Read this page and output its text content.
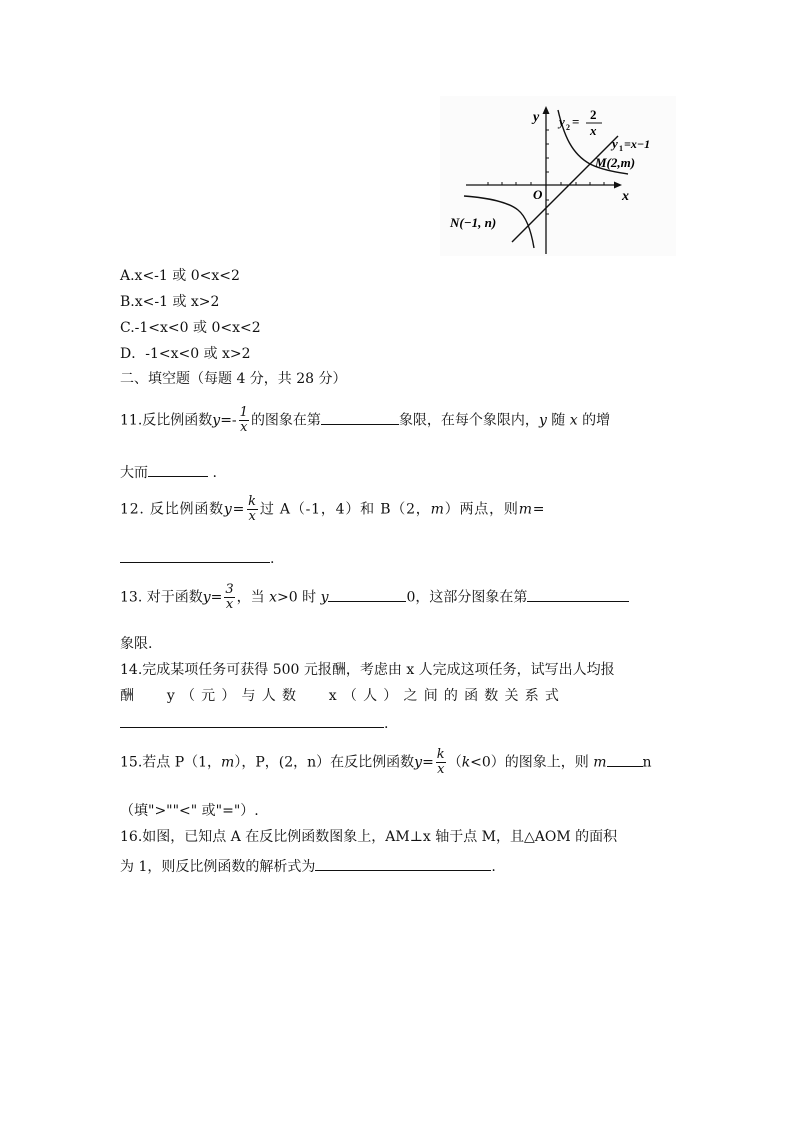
y
x
O
y 2 = 2
x
y 1 =x−1
M(2,m)
N(−1, n)
A.x<-1 或 0<x<2
B.x<-1 或 x>2
C.-1<x<0 或 0<x<2
D．-1<x<0 或 x>2
二、填空题（每题 4 分，共 28 分）
11.反比例函数$y=- \frac{1}{x}$ 的图象在第	象限，在每个象限内，y 随 x 的增
大而	.
12. 反比例函数$y= \frac{k}{x}$ 过 A（-1，4）和 B（2，m）两点，则m=
.
13. 对于函数$y= \frac{3}{x}$ ，当 x>0 时 y	0，这部分图象在第
象限.
14.完成某项任务可获得 500 元报酬，考虑由 x 人完成这项任务，试写出人均报
酬 y（元）与人数 x（人）之间的函数关系式
.
15.若点 P（1，m），P，(2，n）在反比例函数$y= \frac{k}{x} (k<0)$的图象上，则 m	n
（填">""<" 或"="）.
16.如图，已知点 A 在反比例函数图象上，AM⊥x 轴于点 M，且△AOM 的面积
为 1，则反比例函数的解析式为	.
